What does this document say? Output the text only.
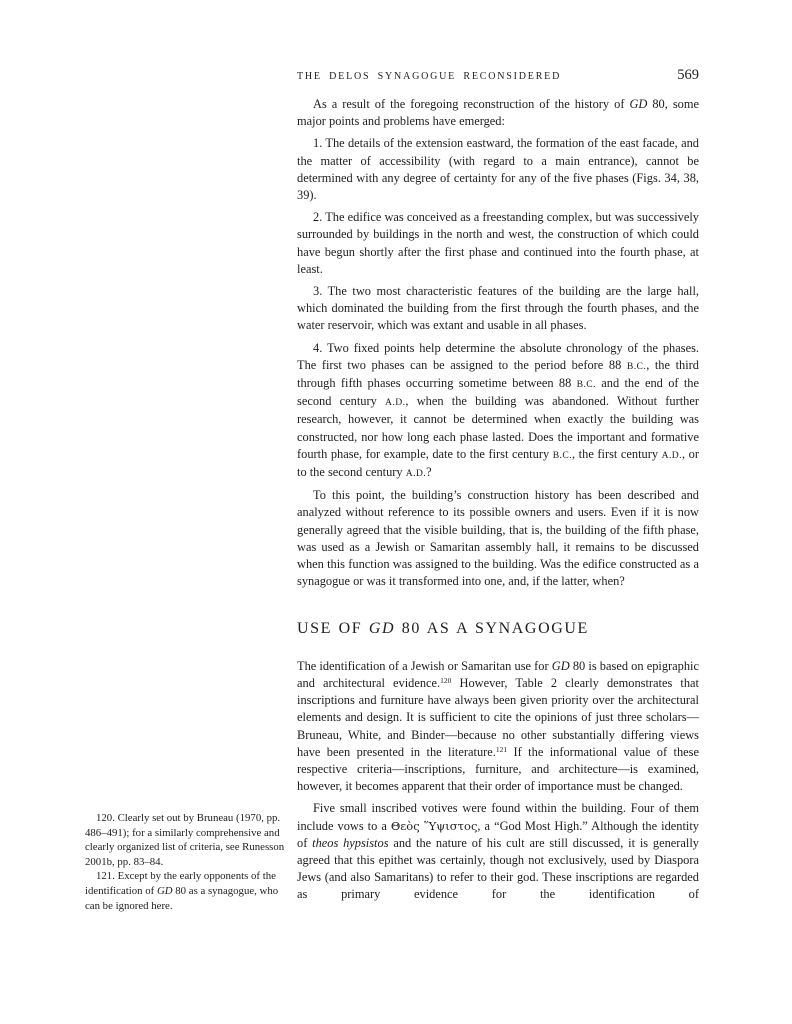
THE DELOS SYNAGOGUE RECONSIDERED	569

120. Clearly set out by Bruneau (1970, pp. 486–491); for a similarly comprehensive and clearly organized list of criteria, see Runesson 2001b, pp. 83–84.

121. Except by the early opponents of the identification of GD 80 as a synagogue, who can be ignored here.

As a result of the foregoing reconstruction of the history of GD 80, some major points and problems have emerged:

1. The details of the extension eastward, the formation of the east facade, and the matter of accessibility (with regard to a main entrance), cannot be determined with any degree of certainty for any of the five phases (Figs. 34, 38, 39).

2. The edifice was conceived as a freestanding complex, but was successively surrounded by buildings in the north and west, the construction of which could have begun shortly after the first phase and continued into the fourth phase, at least.

3. The two most characteristic features of the building are the large hall, which dominated the building from the first through the fourth phases, and the water reservoir, which was extant and usable in all phases.

4. Two fixed points help determine the absolute chronology of the phases. The first two phases can be assigned to the period before 88 B.C., the third through fifth phases occurring sometime between 88 B.C. and the end of the second century A.D., when the building was abandoned. Without further research, however, it cannot be determined when exactly the building was constructed, nor how long each phase lasted. Does the important and formative fourth phase, for example, date to the first century B.C., the first century A.D., or to the second century A.D.?

To this point, the building’s construction history has been described and analyzed without reference to its possible owners and users. Even if it is now generally agreed that the visible building, that is, the building of the fifth phase, was used as a Jewish or Samaritan assembly hall, it remains to be discussed when this function was assigned to the building. Was the edifice constructed as a synagogue or was it transformed into one, and, if the latter, when?

USE OF GD 80 AS A SYNAGOGUE

The identification of a Jewish or Samaritan use for GD 80 is based on epigraphic and architectural evidence.$^{120}$ However, Table 2 clearly demonstrates that inscriptions and furniture have always been given priority over the architectural elements and design. It is sufficient to cite the opinions of just three scholars—Bruneau, White, and Binder—because no other substantially differing views have been presented in the literature.$^{121}$ If the informational value of these respective criteria—inscriptions, furniture, and architecture—is examined, however, it becomes apparent that their order of importance must be changed.

Five small inscribed votives were found within the building. Four of them include vows to a Θεὸς Ὕψιστος, a “God Most High.” Although the identity of theos hypsistos and the nature of his cult are still discussed, it is generally agreed that this epithet was certainly, though not exclusively, used by Diaspora Jews (and also Samaritans) to refer to their god. These inscriptions are regarded as primary evidence for the identification of
